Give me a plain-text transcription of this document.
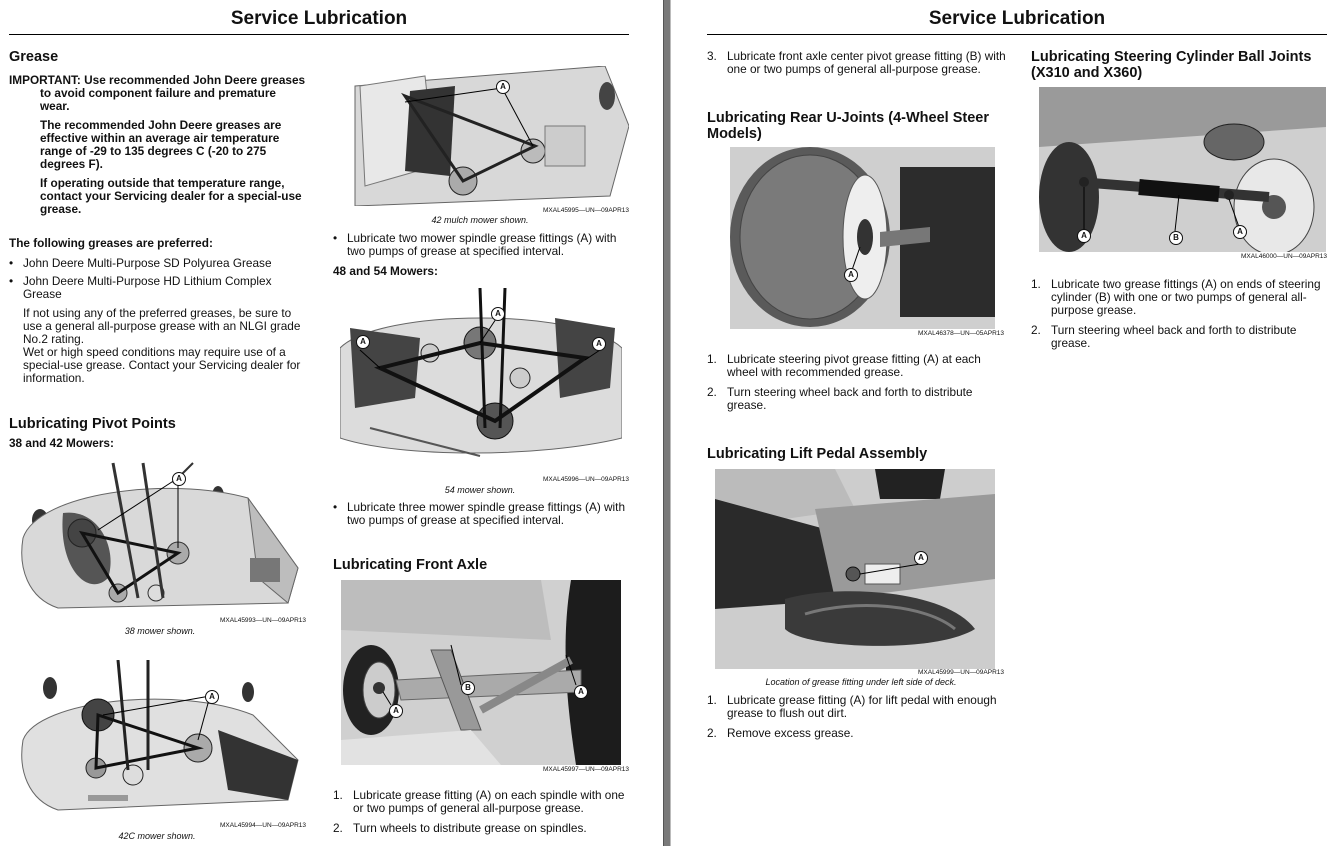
Service Lubrication
Grease
IMPORTANT: Use recommended John Deere greases
to avoid component failure and premature wear.
The recommended John Deere greases are effective within an average air temperature range of -29 to 135 degrees C (-20 to 275 degrees F).
If operating outside that temperature range, contact your Servicing dealer for a special-use grease.
The following greases are preferred:
• John Deere Multi-Purpose SD Polyurea Grease
• John Deere Multi-Purpose HD Lithium Complex Grease
If not using any of the preferred greases, be sure to use a general all-purpose grease with an NLGI grade No.2 rating.
Wet or high speed conditions may require use of a special-use grease. Contact your Servicing dealer for information.
Lubricating Pivot Points
38 and 42 Mowers:
A
MXAL45993—UN—09APR13
38 mower shown.
A
MXAL45994—UN—09APR13
42C mower shown.
A
MXAL45995—UN—09APR13
42 mulch mower shown.
• Lubricate two mower spindle grease fittings (A) with two pumps of grease at specified interval.
48 and 54 Mowers:
A
A	A
MXAL45996—UN—09APR13
54 mower shown.
• Lubricate three mower spindle grease fittings (A) with two pumps of grease at specified interval.
Lubricating Front Axle
B	A
A
MXAL45997—UN—09APR13
1. Lubricate grease fitting (A) on each spindle with one or two pumps of general all-purpose grease.
2. Turn wheels to distribute grease on spindles.
Service Lubrication
3. Lubricate front axle center pivot grease fitting (B) with one or two pumps of general all-purpose grease.
Lubricating Rear U-Joints (4-Wheel Steer Models)
A
MXAL46378—UN—05APR13
1. Lubricate steering pivot grease fitting (A) at each wheel with recommended grease.
2. Turn steering wheel back and forth to distribute grease.
Lubricating Lift Pedal Assembly
A
MXAL45999—UN—09APR13
Location of grease fitting under left side of deck.
1. Lubricate grease fitting (A) for lift pedal with enough grease to flush out dirt.
2. Remove excess grease.
Lubricating Steering Cylinder Ball Joints (X310 and X360)
A	B
A
MXAL46000—UN—09APR13
1. Lubricate two grease fittings (A) on ends of steering cylinder (B) with one or two pumps of general all-purpose grease.
2. Turn steering wheel back and forth to distribute grease.
